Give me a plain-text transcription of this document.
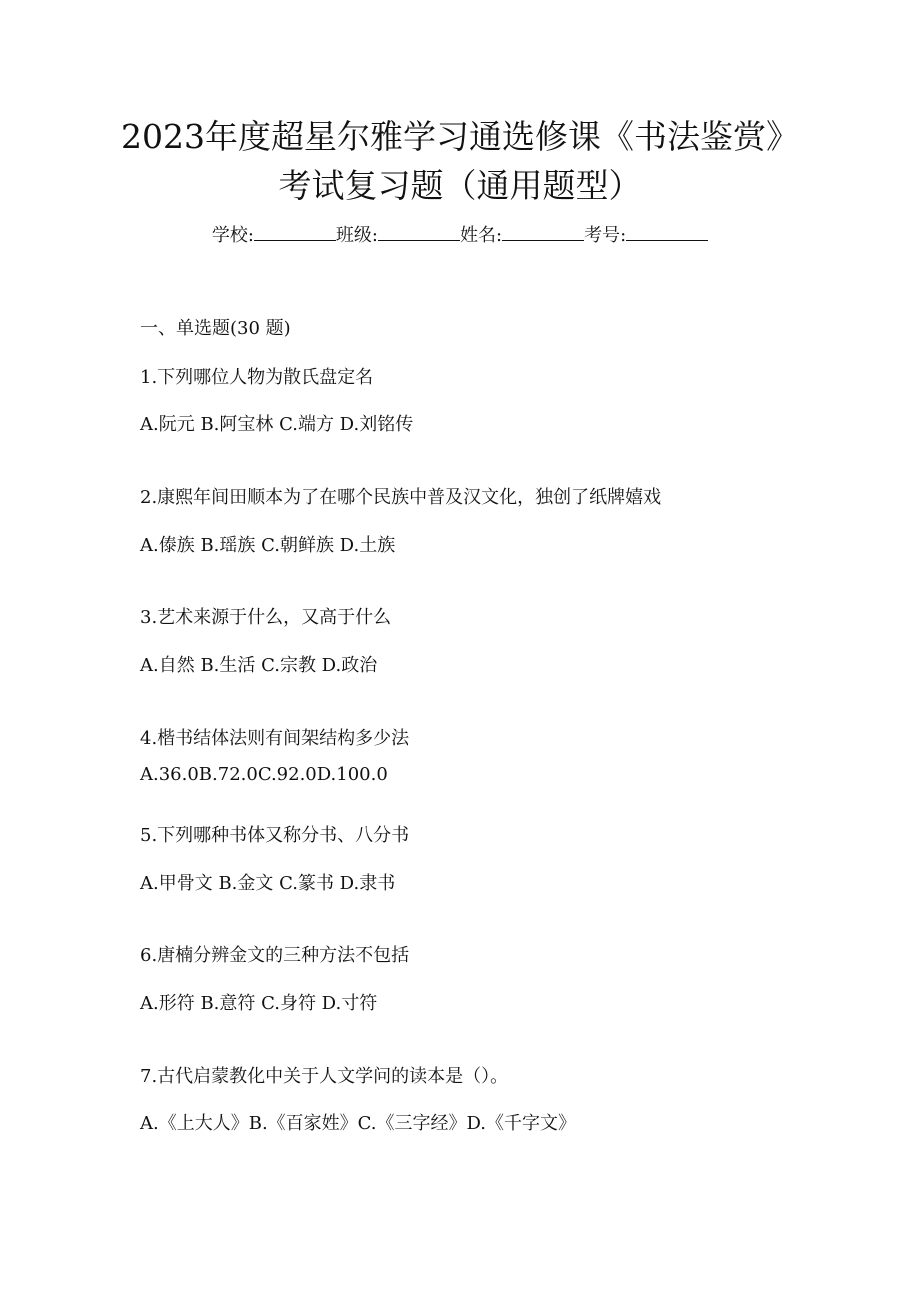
2023年度超星尔雅学习通选修课《书法鉴赏》
考试复习题（通用题型）
学校:	班级:	姓名:	考号:
一、单选题(30 题)
1.下列哪位人物为散氏盘定名
A.阮元 B.阿宝林 C.端方 D.刘铭传
2.康熙年间田顺本为了在哪个民族中普及汉文化，独创了纸牌嬉戏
A.傣族 B.瑶族 C.朝鲜族 D.土族
3.艺术来源于什么，又高于什么
A.自然 B.生活 C.宗教 D.政治
4.楷书结体法则有间架结构多少法
A.36.0B.72.0C.92.0D.100.0
5.下列哪种书体又称分书、八分书
A.甲骨文 B.金文 C.篆书 D.隶书
6.唐楠分辨金文的三种方法不包括
A.形符 B.意符 C.身符 D.寸符
7.古代启蒙教化中关于人文学问的读本是（）。
A.《上大人》B.《百家姓》C.《三字经》D.《千字文》
